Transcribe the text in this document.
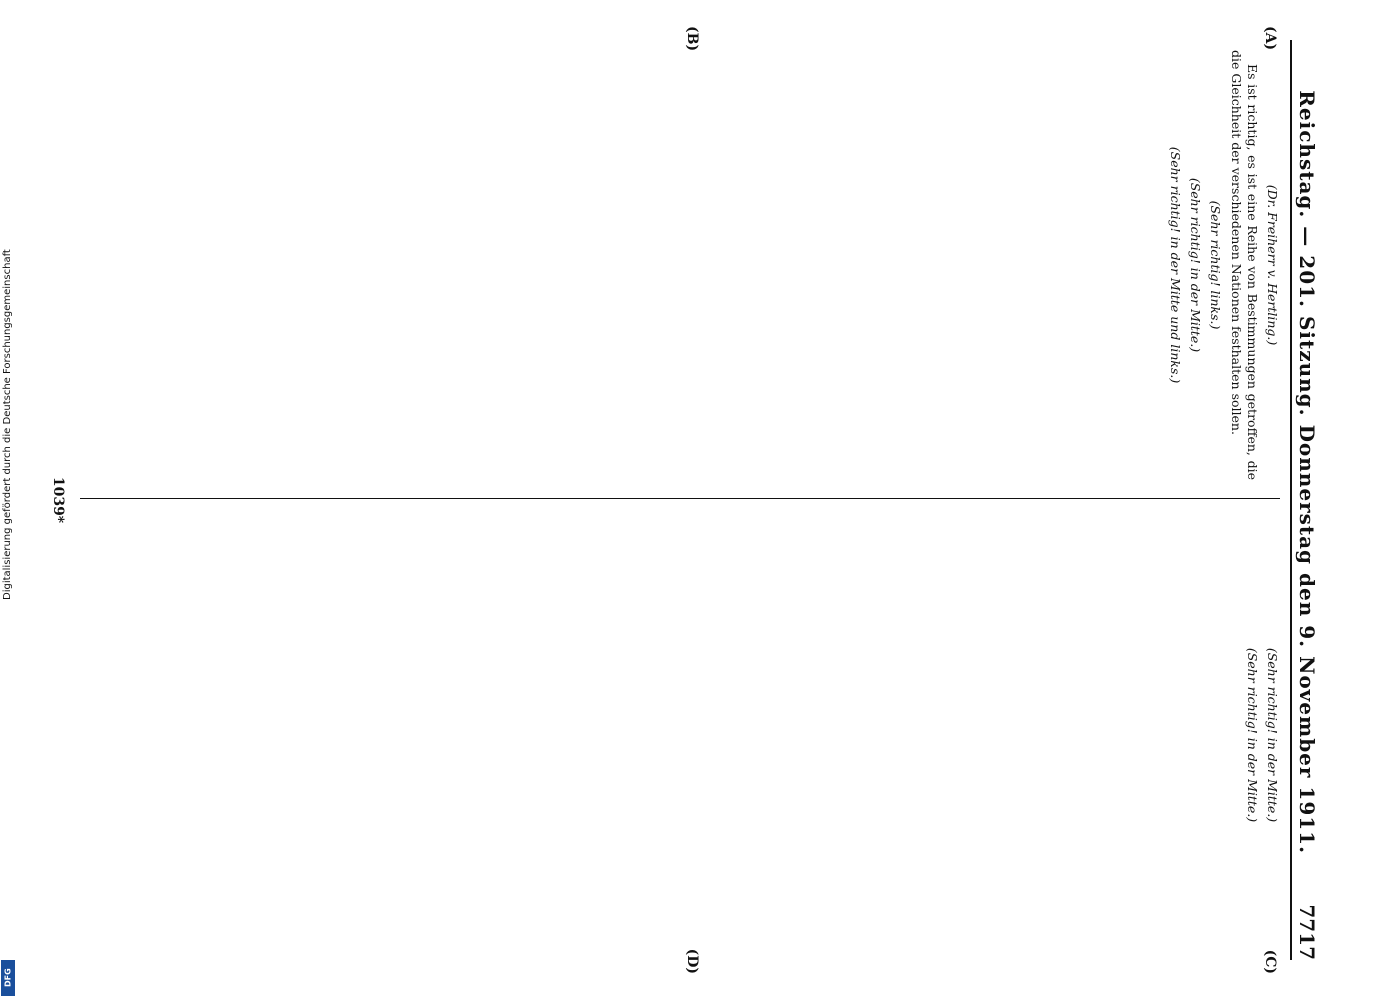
Reichstag. — 201. Sitzung. Donnerstag den 9. November 1911.
7717
(A)
(B)
(C)
(D)

(Dr. Freiherr v. Hertling.)

Es ist richtig, es ist eine Reihe von Bestimmungen getroffen, die die Gleichheit der verschiedenen Nationen festhalten sollen.

(Sehr richtig! links.)

(Sehr richtig! in der Mitte.)

(Sehr richtig! in der Mitte und links.)

(Sehr richtig! in der Mitte.)

(Sehr richtig! in der Mitte.)

1039*
Digitalisierung gefördert durch die Deutsche Forschungsgemeinschaft
DFG
